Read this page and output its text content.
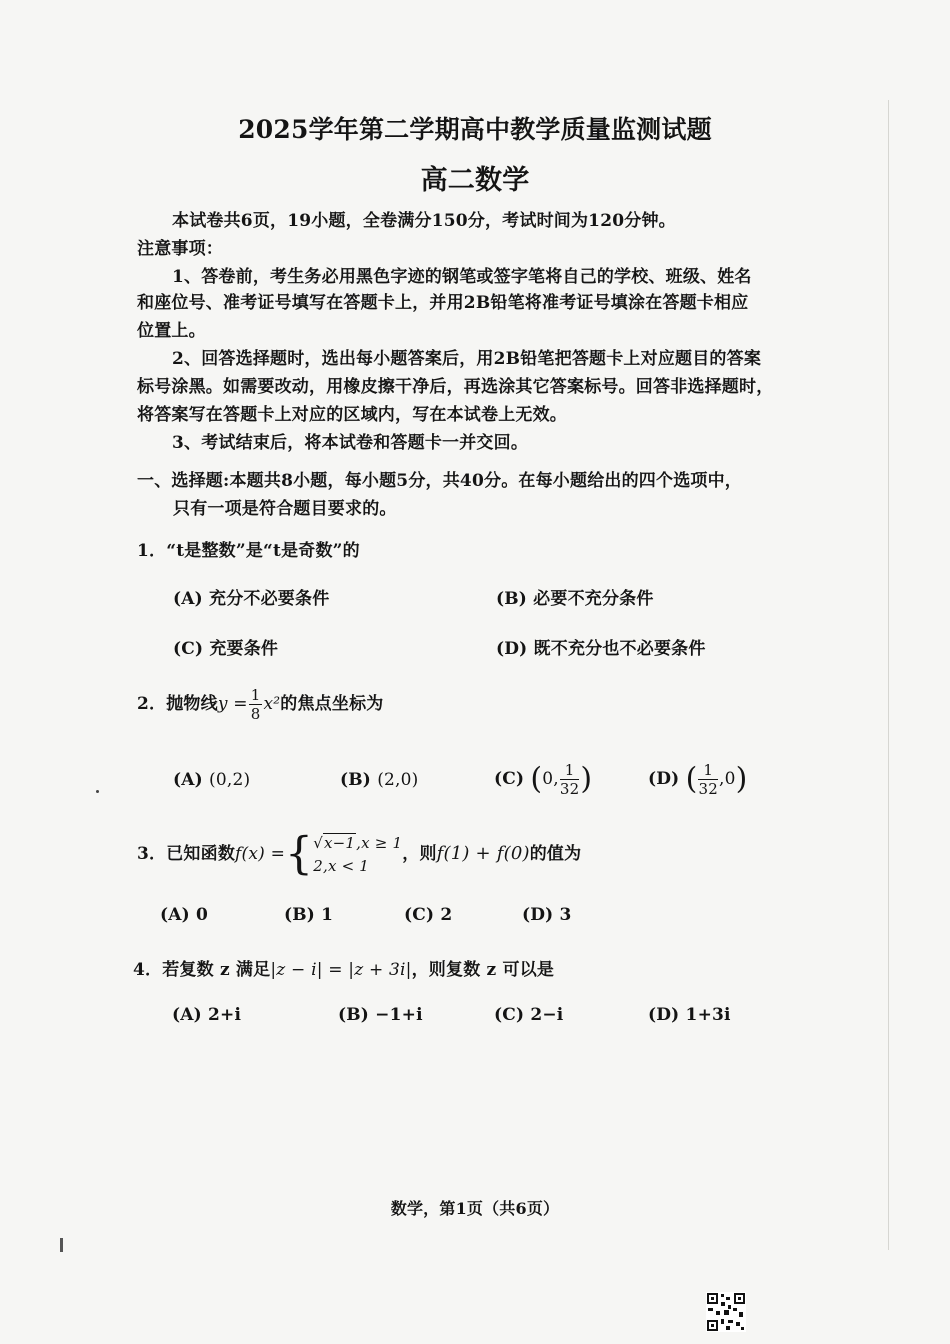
2025学年第二学期高中教学质量监测试题
高二数学
本试卷共6页，19小题，全卷满分150分，考试时间为120分钟。
注意事项：
1、答卷前，考生务必用黑色字迹的钢笔或签字笔将自己的学校、班级、姓名
和座位号、准考证号填写在答题卡上，并用2B铅笔将准考证号填涂在答题卡相应
位置上。
2、回答选择题时，选出每小题答案后，用2B铅笔把答题卡上对应题目的答案
标号涂黑。如需要改动，用橡皮擦干净后，再选涂其它答案标号。回答非选择题时，
将答案写在答题卡上对应的区域内，写在本试卷上无效。
3、考试结束后，将本试卷和答题卡一并交回。
一、选择题:本题共8小题，每小题5分，共40分。在每小题给出的四个选项中，
只有一项是符合题目要求的。
1．“t是整数”是“t是奇数”的
(A) 充分不必要条件	(B) 必要不充分条件
(C) 充要条件	(D) 既不充分也不必要条件
2．抛物线$y = \frac{1}{8} x^2$的焦点坐标为
(A) (0,2)	(B) (2,0)	(C) (0, $\frac{1}{32}$ )	(D) ( $\frac{1}{32} ,0$)
3．已知函数f(x) ={ √x−1,x ≥ 1
2,x < 1
，则f(1) + f(0)的值为
(A) 0	(B) 1	(C) 2	(D) 3
4．若复数 z 满足|z − i| = |z + 3i|，则复数 z 可以是
(A) 2+i	(B) −1+i	(C) 2−i	(D) 1+3i
数学，第1页（共6页）
